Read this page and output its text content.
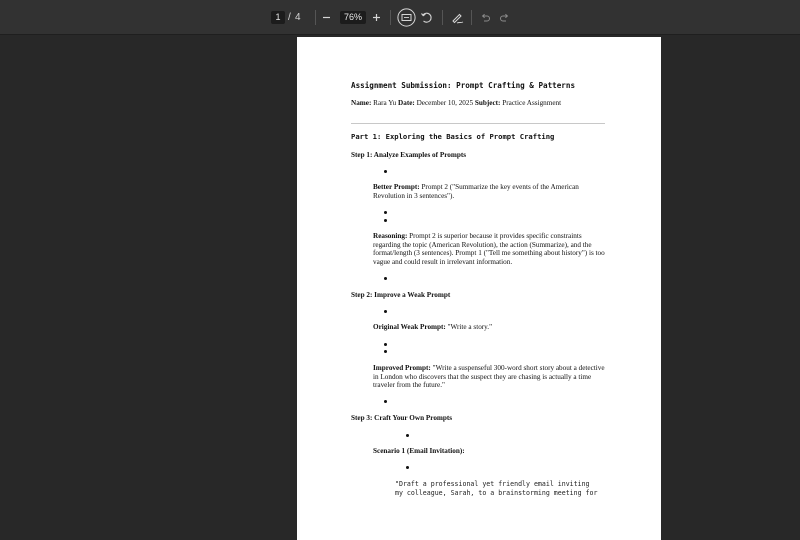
1 / 4	76%
Assignment Submission: Prompt Crafting & Patterns
Name: Rara Yu Date: December 10, 2025 Subject: Practice Assignment
Part 1: Exploring the Basics of Prompt Crafting
Step 1: Analyze Examples of Prompts
Better Prompt: Prompt 2 ("Summarize the key events of the American Revolution in 3 sentences").
Reasoning: Prompt 2 is superior because it provides specific constraints regarding the topic (American Revolution), the action (Summarize), and the format/length (3 sentences). Prompt 1 ("Tell me something about history") is too vague and could result in irrelevant information.
Step 2: Improve a Weak Prompt
Original Weak Prompt: "Write a story."
Improved Prompt: "Write a suspenseful 300-word short story about a detective in London who discovers that the suspect they are chasing is actually a time traveler from the future."
Step 3: Craft Your Own Prompts
Scenario 1 (Email Invitation):
"Draft a professional yet friendly email inviting
my colleague, Sarah, to a brainstorming meeting for
